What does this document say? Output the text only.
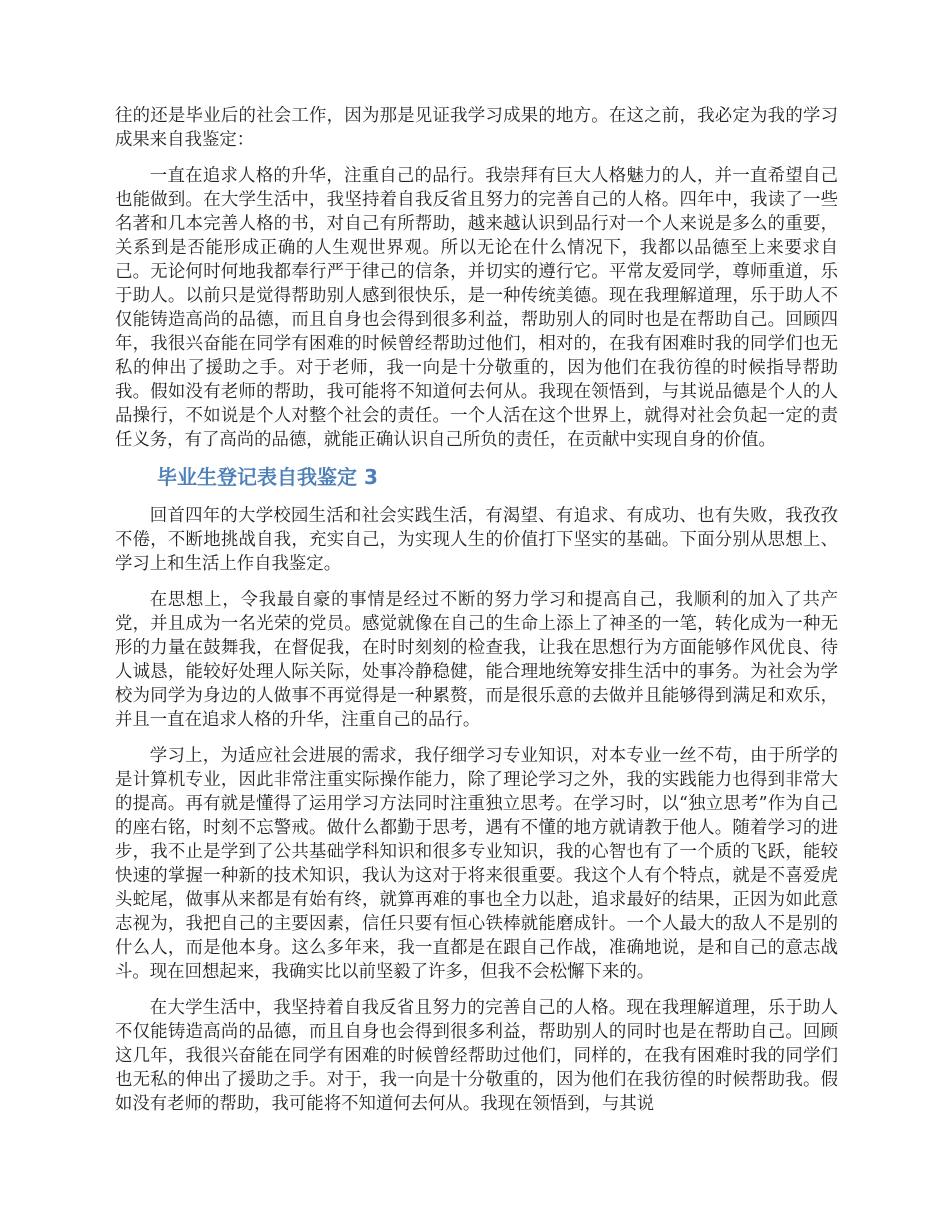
往的还是毕业后的社会工作，因为那是见证我学习成果的地方。在这之前，我必定为我的学习成果来自我鉴定：

一直在追求人格的升华，注重自己的品行。我崇拜有巨大人格魅力的人，并一直希望自己也能做到。在大学生活中，我坚持着自我反省且努力的完善自己的人格。四年中，我读了一些名著和几本完善人格的书，对自己有所帮助，越来越认识到品行对一个人来说是多么的重要，关系到是否能形成正确的人生观世界观。所以无论在什么情况下，我都以品德至上来要求自己。无论何时何地我都奉行严于律己的信条，并切实的遵行它。平常友爱同学，尊师重道，乐于助人。以前只是觉得帮助别人感到很快乐，是一种传统美德。现在我理解道理，乐于助人不仅能铸造高尚的品德，而且自身也会得到很多利益，帮助别人的同时也是在帮助自己。回顾四年，我很兴奋能在同学有困难的时候曾经帮助过他们，相对的，在我有困难时我的同学们也无私的伸出了援助之手。对于老师，我一向是十分敬重的，因为他们在我彷徨的时候指导帮助我。假如没有老师的帮助，我可能将不知道何去何从。我现在领悟到，与其说品德是个人的人品操行，不如说是个人对整个社会的责任。一个人活在这个世界上，就得对社会负起一定的责任义务，有了高尚的品德，就能正确认识自己所负的责任，在贡献中实现自身的价值。

毕业生登记表自我鉴定 3

回首四年的大学校园生活和社会实践生活，有渴望、有追求、有成功、也有失败，我孜孜不倦，不断地挑战自我，充实自己，为实现人生的价值打下坚实的基础。下面分别从思想上、学习上和生活上作自我鉴定。

在思想上，令我最自豪的事情是经过不断的努力学习和提高自己，我顺利的加入了共产党，并且成为一名光荣的党员。感觉就像在自己的生命上添上了神圣的一笔，转化成为一种无形的力量在鼓舞我，在督促我，在时时刻刻的检查我，让我在思想行为方面能够作风优良、待人诚恳，能较好处理人际关际，处事冷静稳健，能合理地统筹安排生活中的事务。为社会为学校为同学为身边的人做事不再觉得是一种累赘，而是很乐意的去做并且能够得到满足和欢乐，并且一直在追求人格的升华，注重自己的品行。

学习上，为适应社会进展的需求，我仔细学习专业知识，对本专业一丝不苟，由于所学的是计算机专业，因此非常注重实际操作能力，除了理论学习之外，我的实践能力也得到非常大的提高。再有就是懂得了运用学习方法同时注重独立思考。在学习时，以“独立思考”作为自己的座右铭，时刻不忘警戒。做什么都勤于思考，遇有不懂的地方就请教于他人。随着学习的进步，我不止是学到了公共基础学科知识和很多专业知识，我的心智也有了一个质的飞跃，能较快速的掌握一种新的技术知识，我认为这对于将来很重要。我这个人有个特点，就是不喜爱虎头蛇尾，做事从来都是有始有终，就算再难的事也全力以赴，追求最好的结果，正因为如此意志视为，我把自己的主要因素，信任只要有恒心铁棒就能磨成针。一个人最大的敌人不是别的什么人，而是他本身。这么多年来，我一直都是在跟自己作战，准确地说，是和自己的意志战斗。现在回想起来，我确实比以前坚毅了许多，但我不会松懈下来的。

在大学生活中，我坚持着自我反省且努力的完善自己的人格。现在我理解道理，乐于助人不仅能铸造高尚的品德，而且自身也会得到很多利益，帮助别人的同时也是在帮助自己。回顾这几年，我很兴奋能在同学有困难的时候曾经帮助过他们，同样的，在我有困难时我的同学们也无私的伸出了援助之手。对于，我一向是十分敬重的，因为他们在我彷徨的时候帮助我。假如没有老师的帮助，我可能将不知道何去何从。我现在领悟到，与其说
